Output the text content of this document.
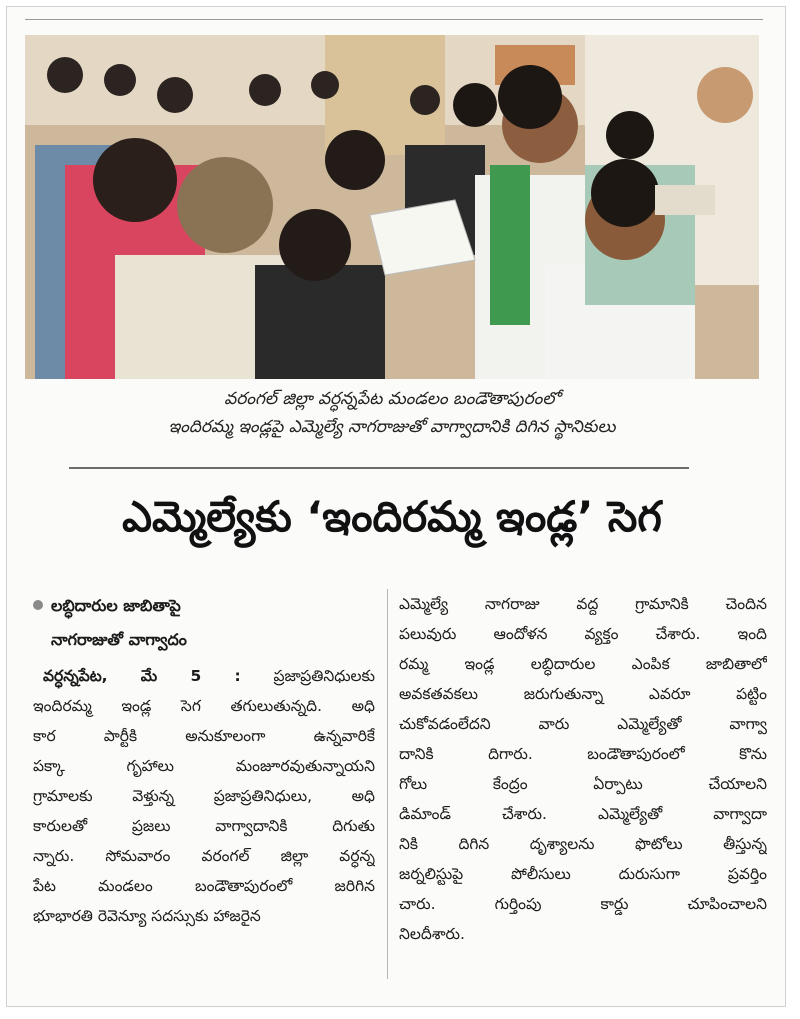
వరంగల్ జిల్లా వర్ధన్నపేట మండలం బండౌతాపురంలో
ఇందిరమ్మ ఇండ్లపై ఎమ్మెల్యే నాగరాజుతో వాగ్వాదానికి దిగిన స్థానికులు
ఎమ్మెల్యేకు ‘ఇందిరమ్మ ఇండ్ల’ సెగ
లబ్ధిదారుల జాబితాపై
నాగరాజుతో వాగ్వాదం
వర్ధన్నపేట, మే 5 : ప్రజాప్రతినిధులకు
ఇందిరమ్మ ఇండ్ల సెగ తగులుతున్నది. అధి
కార పార్టీకి అనుకూలంగా ఉన్నవారికే
పక్కా గృహాలు మంజూరవుతున్నాయని
గ్రామాలకు వెళ్తున్న ప్రజాప్రతినిధులు, అధి
కారులతో ప్రజలు వాగ్వాదానికి దిగుతు
న్నారు. సోమవారం వరంగల్ జిల్లా వర్ధన్న
పేట మండలం బండౌతాపురంలో జరిగిన
భూభారతి రెవెన్యూ సదస్సుకు హాజరైన
ఎమ్మెల్యే నాగరాజు వద్ద గ్రామానికి చెందిన
పలువురు ఆందోళన వ్యక్తం చేశారు. ఇంది
రమ్మ ఇండ్ల లబ్ధిదారుల ఎంపిక జాబితాలో
అవకతవకలు జరుగుతున్నా ఎవరూ పట్టిం
చుకోవడంలేదని వారు ఎమ్మెల్యేతో వాగ్వా
దానికి దిగారు. బండౌతాపురంలో కొను
గోలు కేంద్రం ఏర్పాటు చేయాలని
డిమాండ్ చేశారు. ఎమ్మెల్యేతో వాగ్వాదా
నికి దిగిన దృశ్యాలను ఫొటోలు తీస్తున్న
జర్నలిస్టుపై పోలీసులు దురుసుగా ప్రవర్తిం
చారు. గుర్తింపు కార్డు చూపించాలని
నిలదీశారు.
